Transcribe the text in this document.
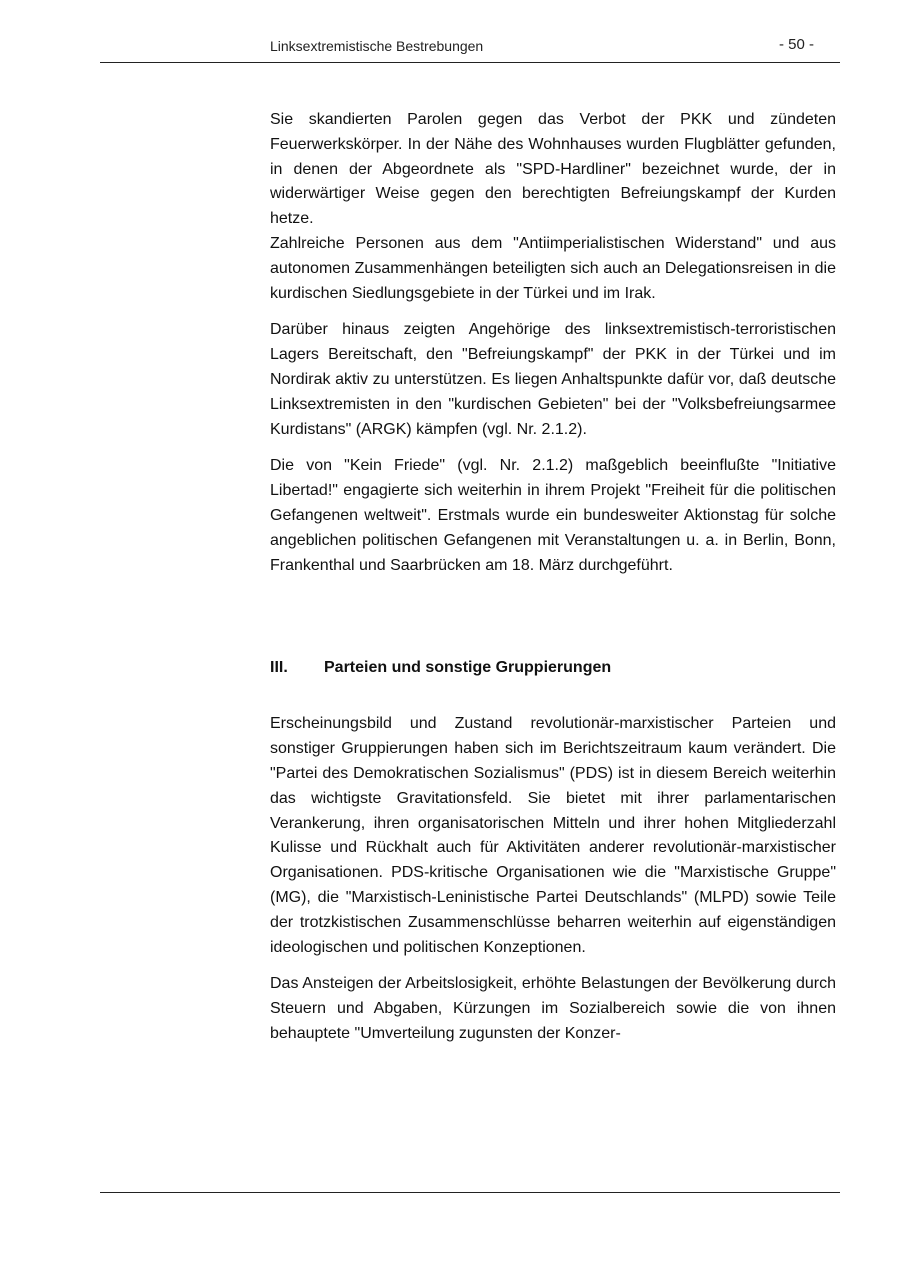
Linksextremistische Bestrebungen	- 50 -

Sie skandierten Parolen gegen das Verbot der PKK und zündeten Feuerwerkskörper. In der Nähe des Wohnhauses wurden Flugblätter gefunden, in denen der Abgeordnete als "SPD-Hardliner" bezeichnet wurde, der in widerwärtiger Weise gegen den berechtigten Befreiungskampf der Kurden hetze.

Zahlreiche Personen aus dem "Antiimperialistischen Widerstand" und aus autonomen Zusammenhängen beteiligten sich auch an Delegationsreisen in die kurdischen Siedlungsgebiete in der Türkei und im Irak.

Darüber hinaus zeigten Angehörige des linksextremistisch-terroristischen Lagers Bereitschaft, den "Befreiungskampf" der PKK in der Türkei und im Nordirak aktiv zu unterstützen. Es liegen Anhaltspunkte dafür vor, daß deutsche Linksextremisten in den "kurdischen Gebieten" bei der "Volksbefreiungsarmee Kurdistans" (ARGK) kämpfen (vgl. Nr. 2.1.2).

Die von "Kein Friede" (vgl. Nr. 2.1.2) maßgeblich beeinflußte "Initiative Libertad!" engagierte sich weiterhin in ihrem Projekt "Freiheit für die politischen Gefangenen weltweit". Erstmals wurde ein bundesweiter Aktionstag für solche angeblichen politischen Gefangenen mit Veranstaltungen u. a. in Berlin, Bonn, Frankenthal und Saarbrücken am 18. März durchgeführt.

III.	Parteien und sonstige Gruppierungen

Erscheinungsbild und Zustand revolutionär-marxistischer Parteien und sonstiger Gruppierungen haben sich im Berichtszeitraum kaum verändert. Die "Partei des Demokratischen Sozialismus" (PDS) ist in diesem Bereich weiterhin das wichtigste Gravitationsfeld. Sie bietet mit ihrer parlamentarischen Verankerung, ihren organisatorischen Mitteln und ihrer hohen Mitgliederzahl Kulisse und Rückhalt auch für Aktivitäten anderer revolutionär-marxistischer Organisationen. PDS-kritische Organisationen wie die "Marxistische Gruppe" (MG), die "Marxistisch-Leninistische Partei Deutschlands" (MLPD) sowie Teile der trotzkistischen Zusammenschlüsse beharren weiterhin auf eigenständigen ideologischen und politischen Konzeptionen.

Das Ansteigen der Arbeitslosigkeit, erhöhte Belastungen der Bevölkerung durch Steuern und Abgaben, Kürzungen im Sozialbereich sowie die von ihnen behauptete "Umverteilung zugunsten der Konzer-
